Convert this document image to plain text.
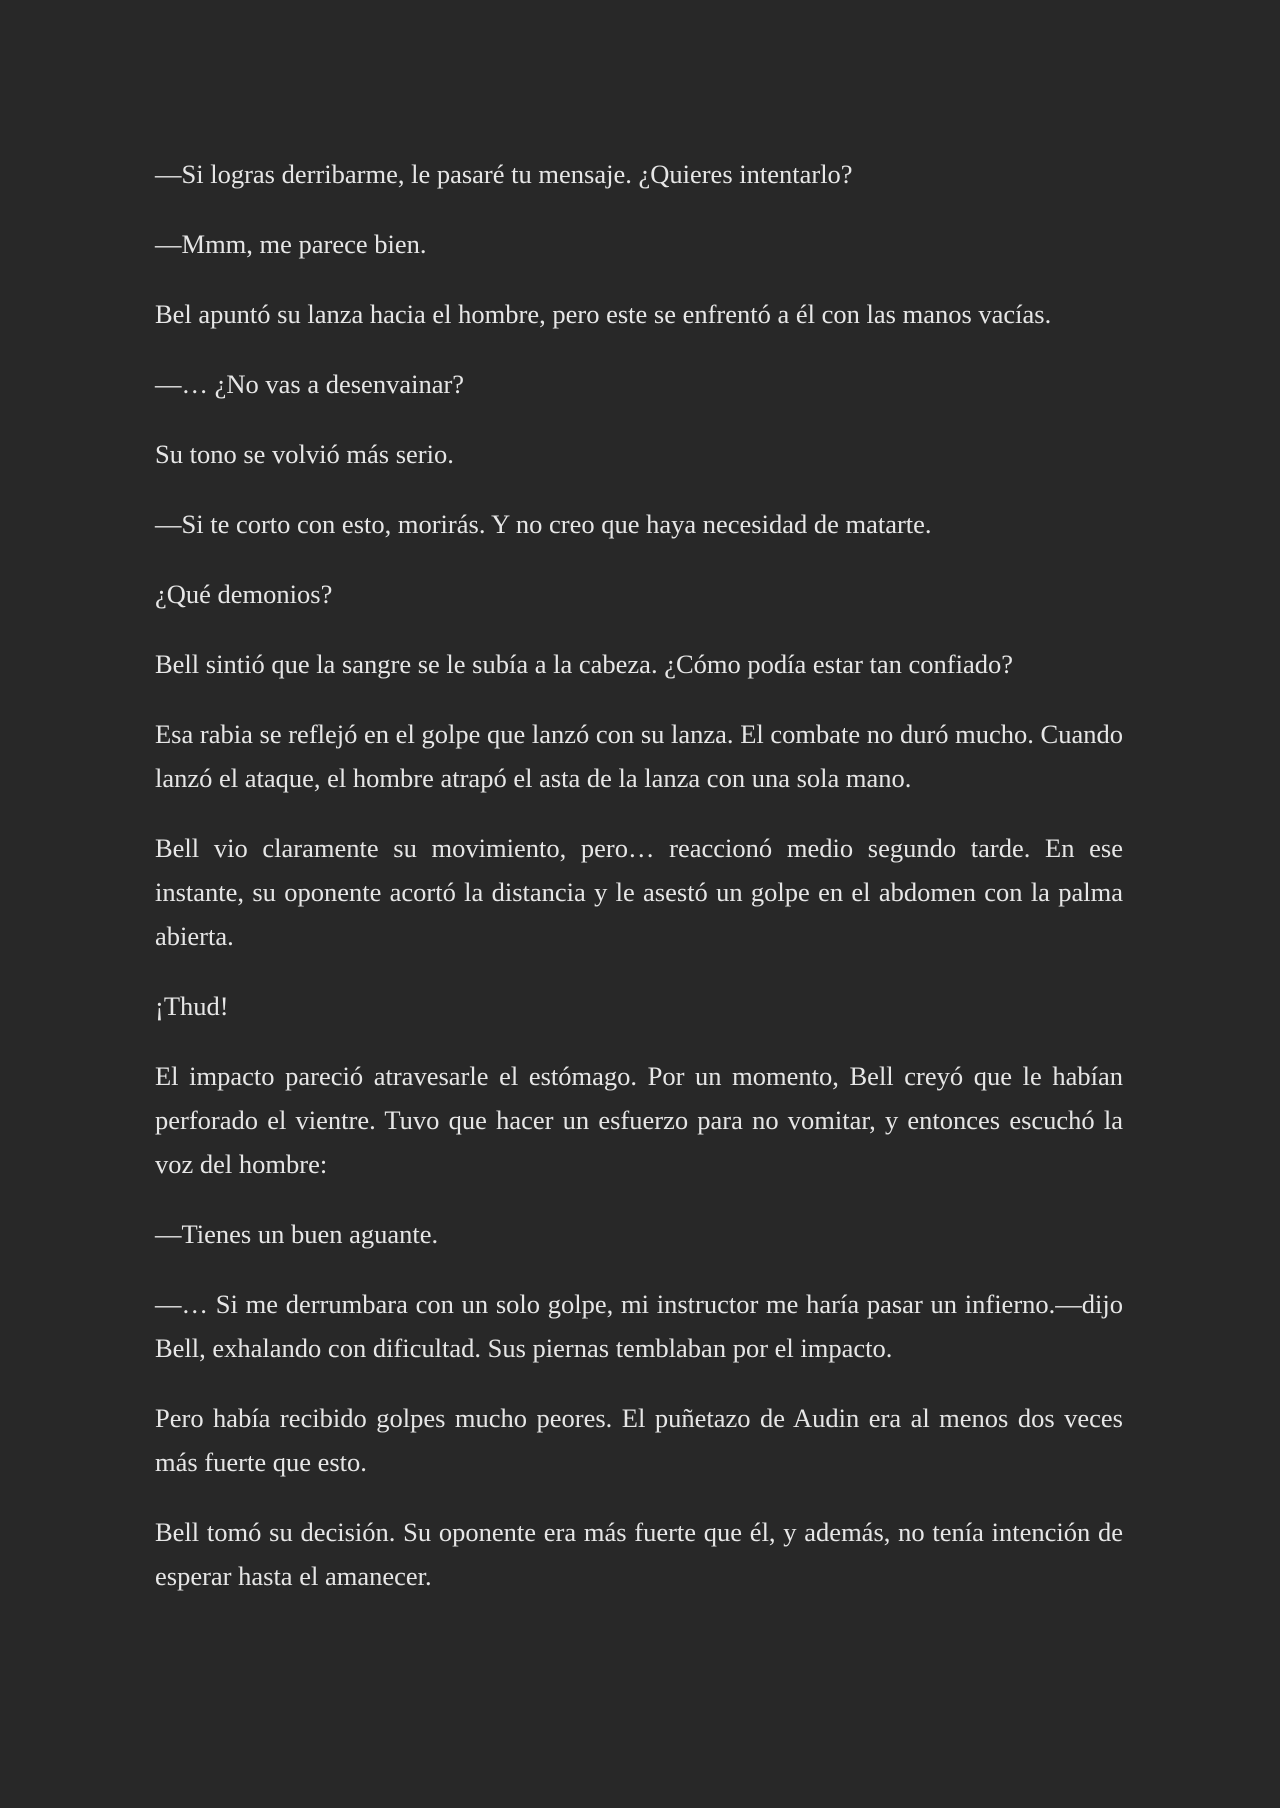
—Si logras derribarme, le pasaré tu mensaje. ¿Quieres intentarlo?

—Mmm, me parece bien.

Bel apuntó su lanza hacia el hombre, pero este se enfrentó a él con las manos vacías.

—… ¿No vas a desenvainar?

Su tono se volvió más serio.

—Si te corto con esto, morirás. Y no creo que haya necesidad de matarte.

¿Qué demonios?

Bell sintió que la sangre se le subía a la cabeza. ¿Cómo podía estar tan confiado?

Esa rabia se reflejó en el golpe que lanzó con su lanza. El combate no duró mucho. Cuando lanzó el ataque, el hombre atrapó el asta de la lanza con una sola mano.

Bell vio claramente su movimiento, pero… reaccionó medio segundo tarde. En ese instante, su oponente acortó la distancia y le asestó un golpe en el abdomen con la palma abierta.

¡Thud!

El impacto pareció atravesarle el estómago. Por un momento, Bell creyó que le habían perforado el vientre. Tuvo que hacer un esfuerzo para no vomitar, y entonces escuchó la voz del hombre:

—Tienes un buen aguante.

—… Si me derrumbara con un solo golpe, mi instructor me haría pasar un infierno.—dijo Bell, exhalando con dificultad. Sus piernas temblaban por el impacto.

Pero había recibido golpes mucho peores. El puñetazo de Audin era al menos dos veces más fuerte que esto.

Bell tomó su decisión. Su oponente era más fuerte que él, y además, no tenía intención de esperar hasta el amanecer.
